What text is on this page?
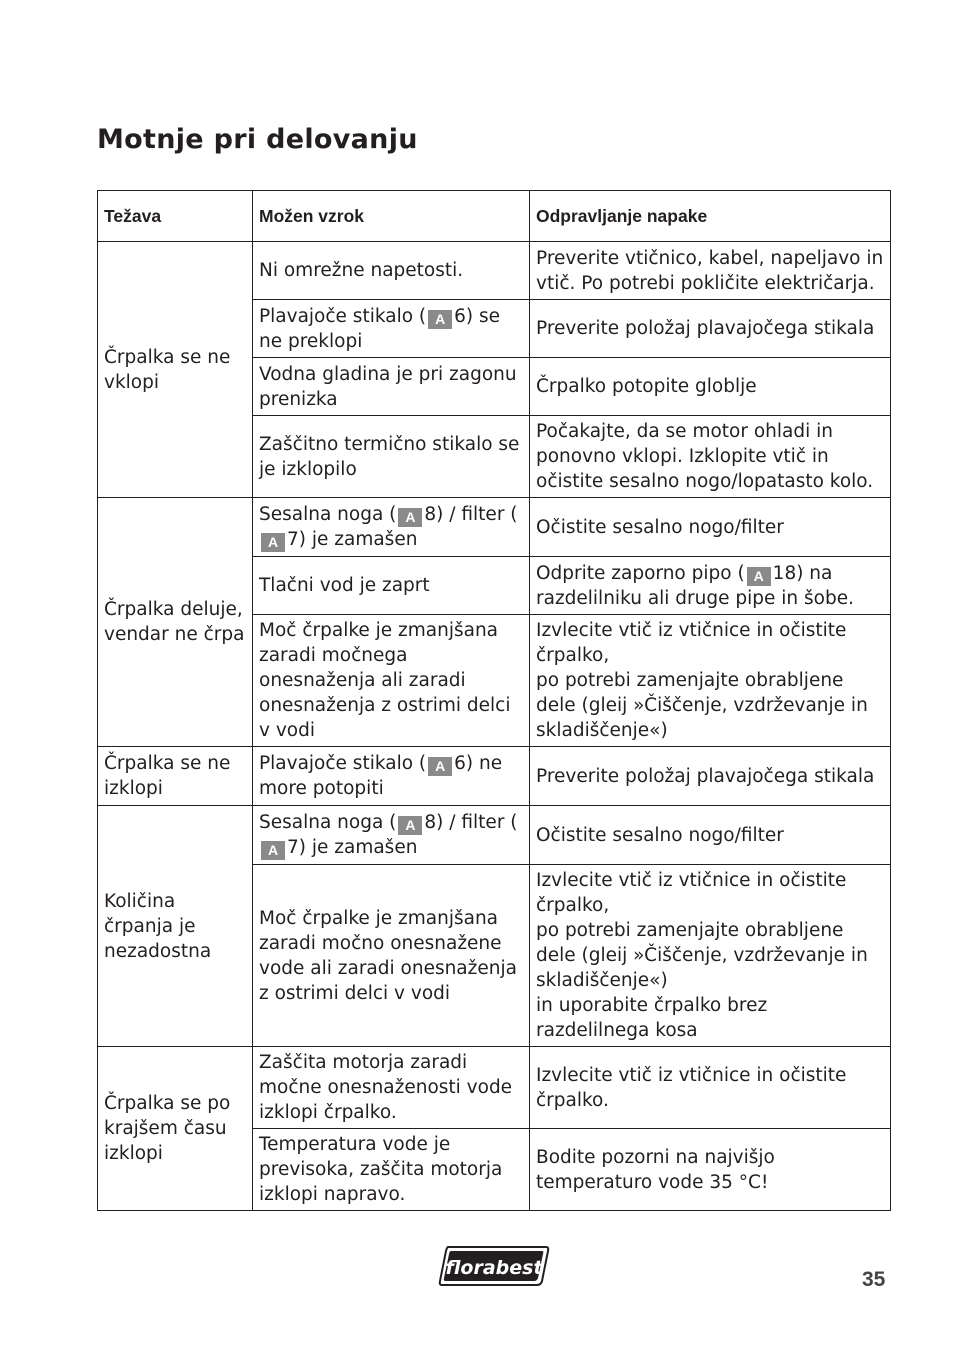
Motnje pri delovanju
Težava	Možen vzrok	Odpravljanje napake
Črpalka se ne vklopi	Ni omrežne napetosti.	Preverite vtičnico, kabel, napeljavo in vtič. Po potrebi pokličite električarja.
	Plavajoče stikalo ( A 6) se ne preklopi	Preverite položaj plavajočega stikala
	Vodna gladina je pri zagonu prenizka	Črpalko potopite globlje
	Zaščitno termično stikalo se je izklopilo	Počakajte, da se motor ohladi in ponovno vklopi. Izklopite vtič in očistite sesalno nogo/lopatasto kolo.
Črpalka deluje, vendar ne črpa	Sesalna noga ( A 8) / filter (A 7) je zamašen	Očistite sesalno nogo/filter
	Tlačni vod je zaprt	Odprite zaporno pipo ( A 18) na razdelilniku ali druge pipe in šobe.
	Moč črpalke je zmanjšana zaradi močnega onesnaženja ali zaradi onesnaženja z ostrimi delci v vodi	Izvlecite vtič iz vtičnice in očistite črpalko,
po potrebi zamenjajte obrabljene dele (gleij »Čiščenje, vzdrževanje in skladiščenje«)

Črpalka se ne izklopi	Plavajoče stikalo ( A 6) ne more potopiti	Preverite položaj plavajočega stikala
Količina črpanja je nezadostna	Sesalna noga ( A 8) / filter (A 7) je zamašen	Očistite sesalno nogo/filter
	Moč črpalke je zmanjšana zaradi močno onesnažene vode ali zaradi onesnaženja z ostrimi delci v vodi	Izvlecite vtič iz vtičnice in očistite črpalko,
po potrebi zamenjajte obrabljene dele (gleij »Čiščenje, vzdrževanje in skladiščenje«)
in uporabite črpalko brez razdelilnega kosa

Črpalka se po krajšem času izklopi	Zaščita motorja zaradi močne onesnaženosti vode izklopi črpalko.	Izvlecite vtič iz vtičnice in očistite črpalko.
	Temperatura vode je previsoka, zaščita motorja izklopi napravo.	Bodite pozorni na najvišjo temperaturo vode 35 °C!
florabest	35
